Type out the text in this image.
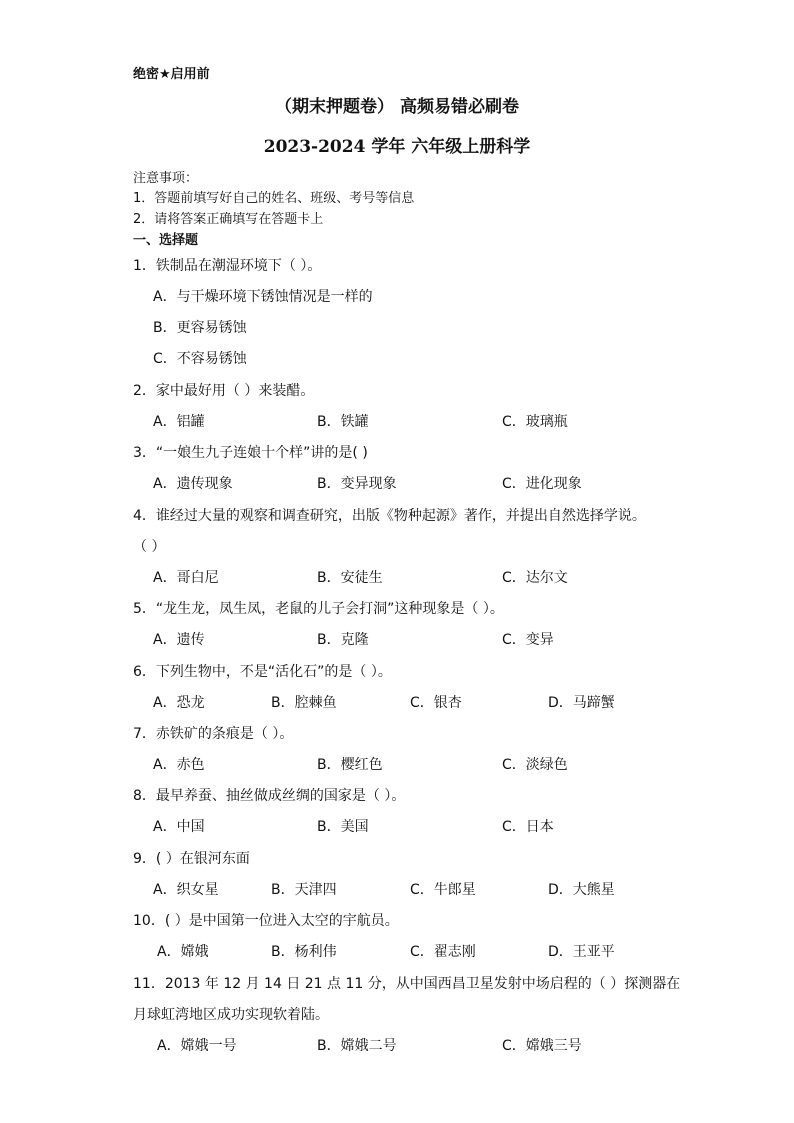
绝密★启用前
（期末押题卷） 高频易错必刷卷
2023-2024 学年 六年级上册科学
注意事项：
1．答题前填写好自己的姓名、班级、考号等信息
2．请将答案正确填写在答题卡上
一、选择题
1．铁制品在潮湿环境下（ ）。
A．与干燥环境下锈蚀情况是一样的
B．更容易锈蚀
C．不容易锈蚀
2．家中最好用（ ）来装醋。
A．铝罐	B．铁罐	C．玻璃瓶
3．“一娘生九子连娘十个样”讲的是( )
A．遗传现象	B．变异现象	C．进化现象
4．谁经过大量的观察和调查研究，出版《物种起源》著作，并提出自然选择学说。
（ ）
A．哥白尼	B．安徒生	C．达尔文
5．“龙生龙，凤生凤，老鼠的儿子会打洞”这种现象是（ ）。
A．遗传	B．克隆	C．变异
6．下列生物中，不是“活化石”的是（ ）。
A．恐龙	B．腔棘鱼	C．银杏	D．马蹄蟹
7．赤铁矿的条痕是（ ）。
A．赤色	B．樱红色	C．淡绿色
8．最早养蚕、抽丝做成丝绸的国家是（ ）。
A．中国	B．美国	C．日本
9．( ）在银河东面
A．织女星	B．天津四	C．牛郎星	D．大熊星
10．( ）是中国第一位进入太空的宇航员。
A．嫦娥	B．杨利伟	C．翟志刚	D．王亚平
11．2013 年 12 月 14 日 21 点 11 分，从中国西昌卫星发射中场启程的（ ）探测器在
月球虹湾地区成功实现软着陆。
A．嫦娥一号	B．嫦娥二号	C．嫦娥三号
